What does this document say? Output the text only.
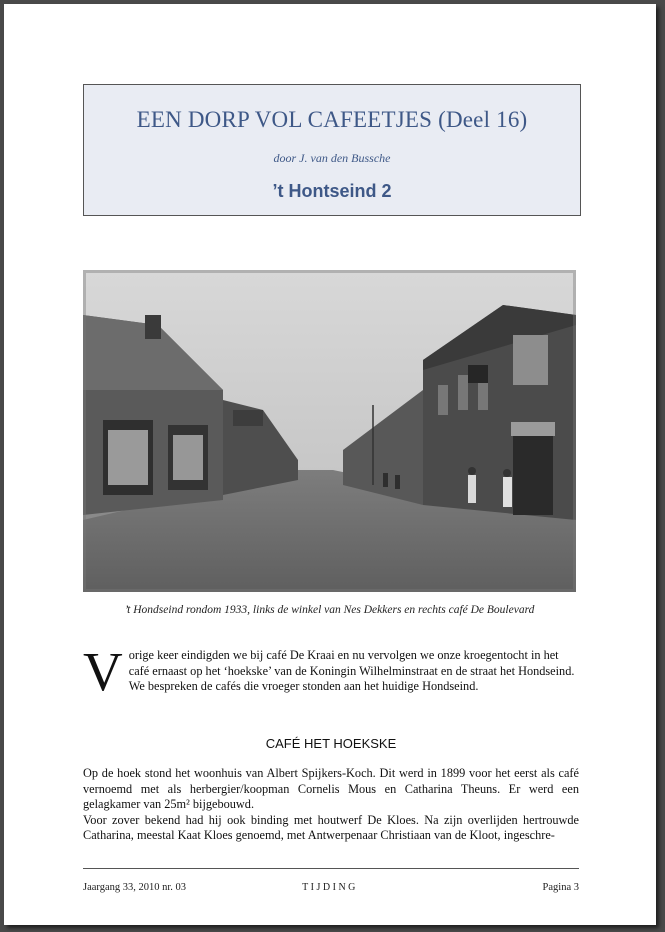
EEN DORP VOL CAFEETJES (Deel 16)
door J. van den Bussche
’t Hontseind 2
’t Hondseind rondom 1933, links de winkel van Nes Dekkers en rechts café De Boulevard
Vorige keer eindigden we bij café De Kraai en nu vervolgen we onze kroegentocht in het café ernaast op het ‘hoekske’ van de Koningin Wilhelminstraat en de straat het Hondseind. We bespreken de cafés die vroeger stonden aan het huidige Hondseind.
CAFÉ HET HOEKSKE

Op de hoek stond het woonhuis van Albert Spijkers-Koch. Dit werd in 1899 voor het eerst als café vernoemd met als herbergier/koopman Cornelis Mous en Catharina Theuns. Er werd een gelagkamer van 25m² bijgebouwd.

Voor zover bekend had hij ook binding met houtwerf De Kloes. Na zijn overlijden hertrouwde Catharina, meestal Kaat Kloes genoemd, met Antwerpenaar Christiaan van de Kloot, ingeschre-

Jaargang 33, 2010 nr. 03	TIJDING	Pagina 3
